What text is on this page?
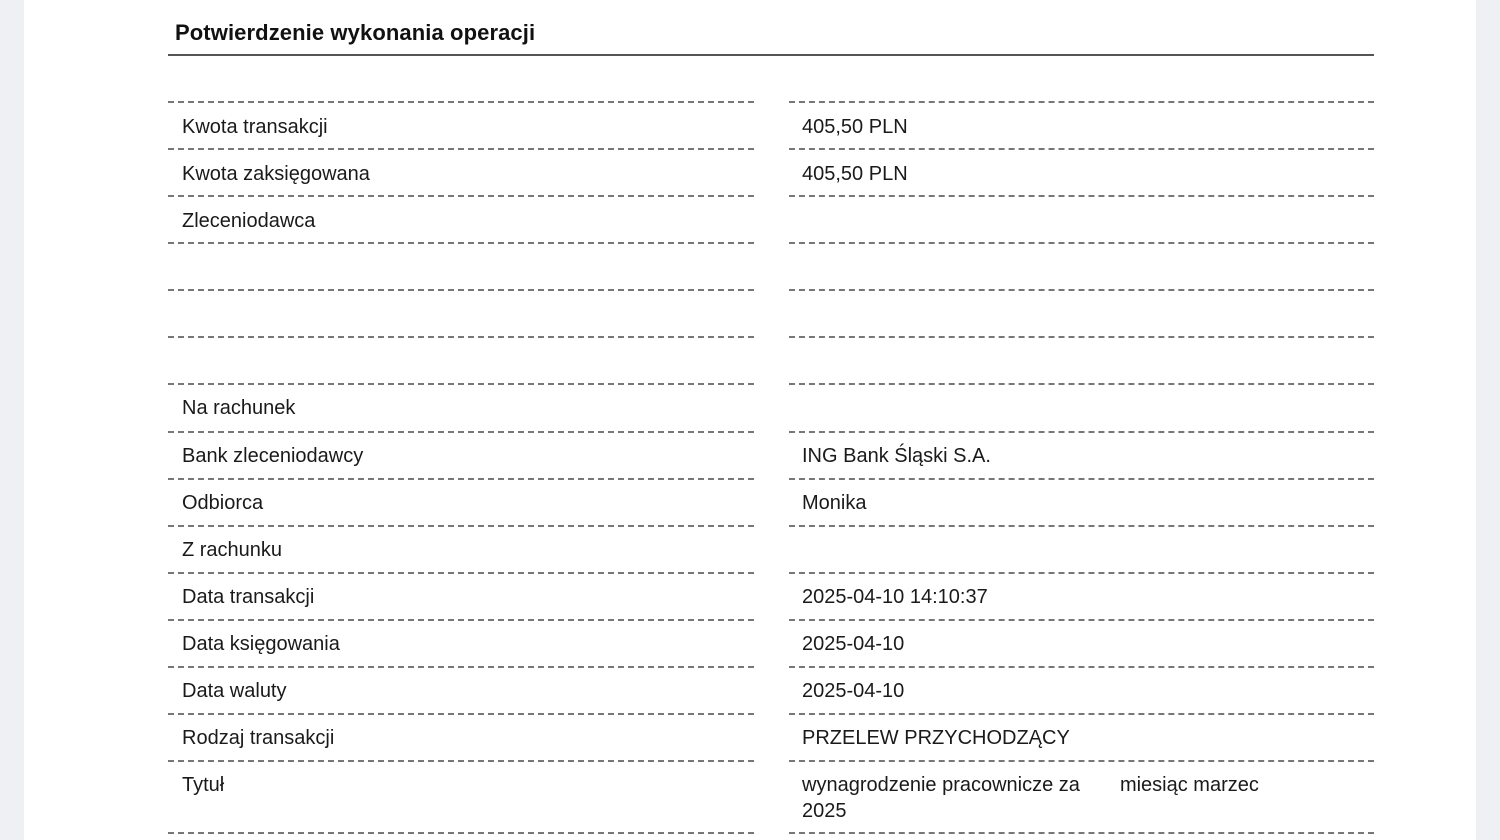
Potwierdzenie wykonania operacji
Kwota transakcji	405,50 PLN
Kwota zaksięgowana	405,50 PLN
Zleceniodawca
Na rachunek
Bank zleceniodawcy	ING Bank Śląski S.A.
Odbiorca	Monika
Z rachunku
Data transakcji	2025-04-10 14:10:37
Data księgowania	2025-04-10
Data waluty	2025-04-10
Rodzaj transakcji	PRZELEW PRZYCHODZĄCY
Tytuł	wynagrodzenie pracownicze za miesiąc marzec
2025
